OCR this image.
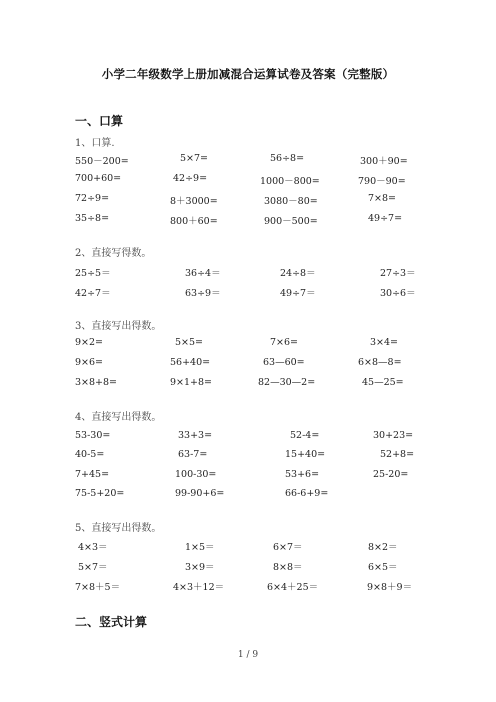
小学二年级数学上册加减混合运算试卷及答案（完整版）
一、口算
1、口算.
550－200=	5×7=	56÷8=	300＋90=
700+60=	42÷9=	1000－800=	790－90=
72÷9=	8＋3000=	3080－80=	7×8=
35÷8=	800＋60=	900－500=	49÷7=
2、直接写得数。
25÷5＝	36÷4＝	24÷8＝	27÷3＝
42÷7＝	63÷9＝	49÷7＝	30÷6＝
3、直接写出得数。
9×2=	5×5=	7×6=	3×4=
9×6=	56+40=	63—60=	6×8—8=
3×8+8=	9×1+8=	82—30—2=	45—25=
4、直接写出得数。
53-30=	33+3=	52-4=	30+23=
40-5=	63-7=	15+40=	52+8=
7+45=	100-30=	53+6=	25-20=
75-5+20=	99-90+6=	66-6+9=
5、直接写出得数。
4×3＝	1×5＝	6×7＝	8×2＝
5×7＝	3×9＝	8×8＝	6×5＝
7×8＋5＝	4×3＋12＝	6×4＋25＝	9×8＋9＝
二、竖式计算
1 / 9
